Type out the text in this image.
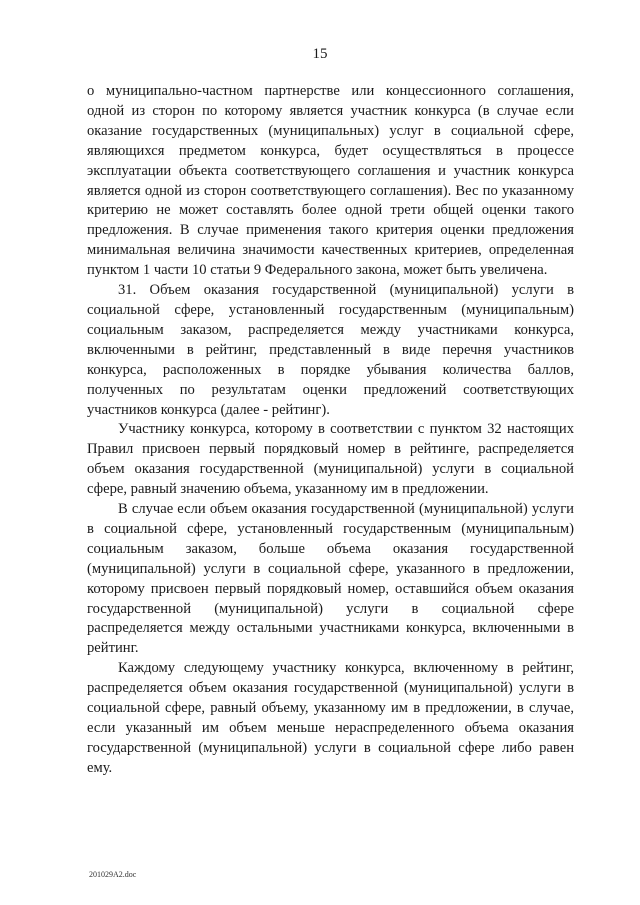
15

о муниципально-частном партнерстве или концессионного соглашения, одной из сторон по которому является участник конкурса (в случае если оказание государственных (муниципальных) услуг в социальной сфере, являющихся предметом конкурса, будет осуществляться в процессе эксплуатации объекта соответствующего соглашения и участник конкурса является одной из сторон соответствующего соглашения). Вес по указанному критерию не может составлять более одной трети общей оценки такого предложения. В случае применения такого критерия оценки предложения минимальная величина значимости качественных критериев, определенная пунктом 1 части 10 статьи 9 Федерального закона, может быть увеличена.

31. Объем оказания государственной (муниципальной) услуги в социальной сфере, установленный государственным (муниципальным) социальным заказом, распределяется между участниками конкурса, включенными в рейтинг, представленный в виде перечня участников конкурса, расположенных в порядке убывания количества баллов, полученных по результатам оценки предложений соответствующих участников конкурса (далее - рейтинг).

Участнику конкурса, которому в соответствии с пунктом 32 настоящих Правил присвоен первый порядковый номер в рейтинге, распределяется объем оказания государственной (муниципальной) услуги в социальной сфере, равный значению объема, указанному им в предложении.

В случае если объем оказания государственной (муниципальной) услуги в социальной сфере, установленный государственным (муниципальным) социальным заказом, больше объема оказания государственной (муниципальной) услуги в социальной сфере, указанного в предложении, которому присвоен первый порядковый номер, оставшийся объем оказания государственной (муниципальной) услуги в социальной сфере распределяется между остальными участниками конкурса, включенными в рейтинг.

Каждому следующему участнику конкурса, включенному в рейтинг, распределяется объем оказания государственной (муниципальной) услуги в социальной сфере, равный объему, указанному им в предложении, в случае, если указанный им объем меньше нераспределенного объема оказания государственной (муниципальной) услуги в социальной сфере либо равен ему.

201029A2.doc
